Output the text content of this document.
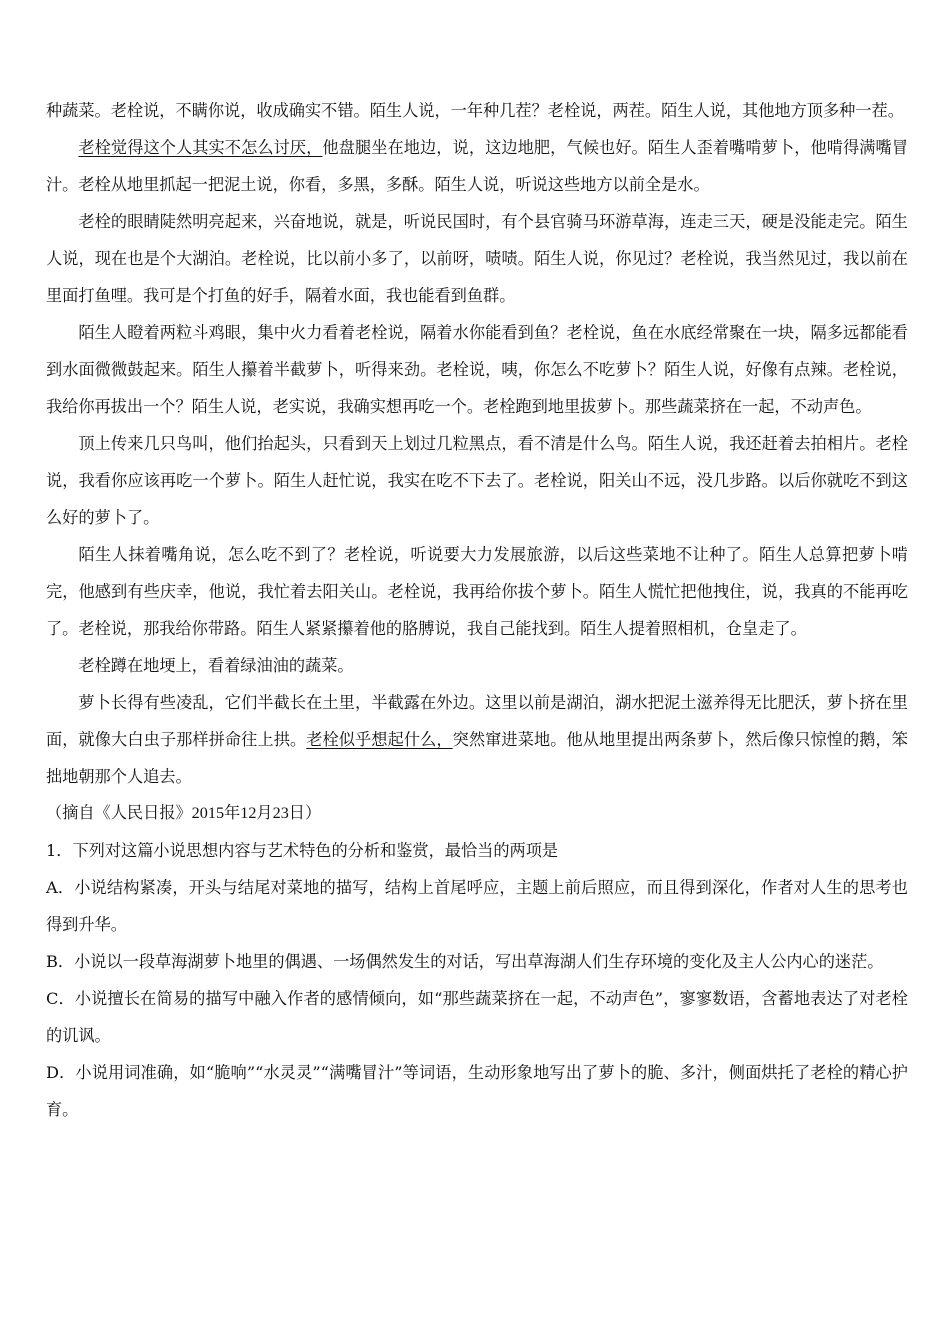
种蔬菜。老栓说，不瞒你说，收成确实不错。陌生人说，一年种几茬？老栓说，两茬。陌生人说，其他地方顶多种一茬。

老栓觉得这个人其实不怎么讨厌，他盘腿坐在地边，说，这边地肥，气候也好。陌生人歪着嘴啃萝卜，他啃得满嘴冒汁。老栓从地里抓起一把泥土说，你看，多黑，多酥。陌生人说，听说这些地方以前全是水。

老栓的眼睛陡然明亮起来，兴奋地说，就是，听说民国时，有个县官骑马环游草海，连走三天，硬是没能走完。陌生人说，现在也是个大湖泊。老栓说，比以前小多了，以前呀，啧啧。陌生人说，你见过？老栓说，我当然见过，我以前在里面打鱼哩。我可是个打鱼的好手，隔着水面，我也能看到鱼群。

陌生人瞪着两粒斗鸡眼，集中火力看着老栓说，隔着水你能看到鱼？老栓说，鱼在水底经常聚在一块，隔多远都能看到水面微微鼓起来。陌生人攥着半截萝卜，听得来劲。老栓说，咦，你怎么不吃萝卜？陌生人说，好像有点辣。老栓说，我给你再拔出一个？陌生人说，老实说，我确实想再吃一个。老栓跑到地里拔萝卜。那些蔬菜挤在一起，不动声色。

顶上传来几只鸟叫，他们抬起头，只看到天上划过几粒黑点，看不清是什么鸟。陌生人说，我还赶着去拍相片。老栓说，我看你应该再吃一个萝卜。陌生人赶忙说，我实在吃不下去了。老栓说，阳关山不远，没几步路。以后你就吃不到这么好的萝卜了。

陌生人抹着嘴角说，怎么吃不到了？老栓说，听说要大力发展旅游，以后这些菜地不让种了。陌生人总算把萝卜啃完，他感到有些庆幸，他说，我忙着去阳关山。老栓说，我再给你拔个萝卜。陌生人慌忙把他拽住，说，我真的不能再吃了。老栓说，那我给你带路。陌生人紧紧攥着他的胳膊说，我自己能找到。陌生人提着照相机，仓皇走了。

老栓蹲在地埂上，看着绿油油的蔬菜。

萝卜长得有些凌乱，它们半截长在土里，半截露在外边。这里以前是湖泊，湖水把泥土滋养得无比肥沃，萝卜挤在里面，就像大白虫子那样拼命往上拱。老栓似乎想起什么，突然窜进菜地。他从地里提出两条萝卜，然后像只惊惶的鹅，笨拙地朝那个人追去。

（摘自《人民日报》2015年12月23日）

1．下列对这篇小说思想内容与艺术特色的分析和鉴赏，最恰当的两项是

A．小说结构紧凑，开头与结尾对菜地的描写，结构上首尾呼应，主题上前后照应，而且得到深化，作者对人生的思考也得到升华。

B．小说以一段草海湖萝卜地里的偶遇、一场偶然发生的对话，写出草海湖人们生存环境的变化及主人公内心的迷茫。

C．小说擅长在简易的描写中融入作者的感情倾向，如“那些蔬菜挤在一起，不动声色”，寥寥数语，含蓄地表达了对老栓的讥讽。

D．小说用词准确，如“脆响”“水灵灵”“满嘴冒汁”等词语，生动形象地写出了萝卜的脆、多汁，侧面烘托了老栓的精心护育。
